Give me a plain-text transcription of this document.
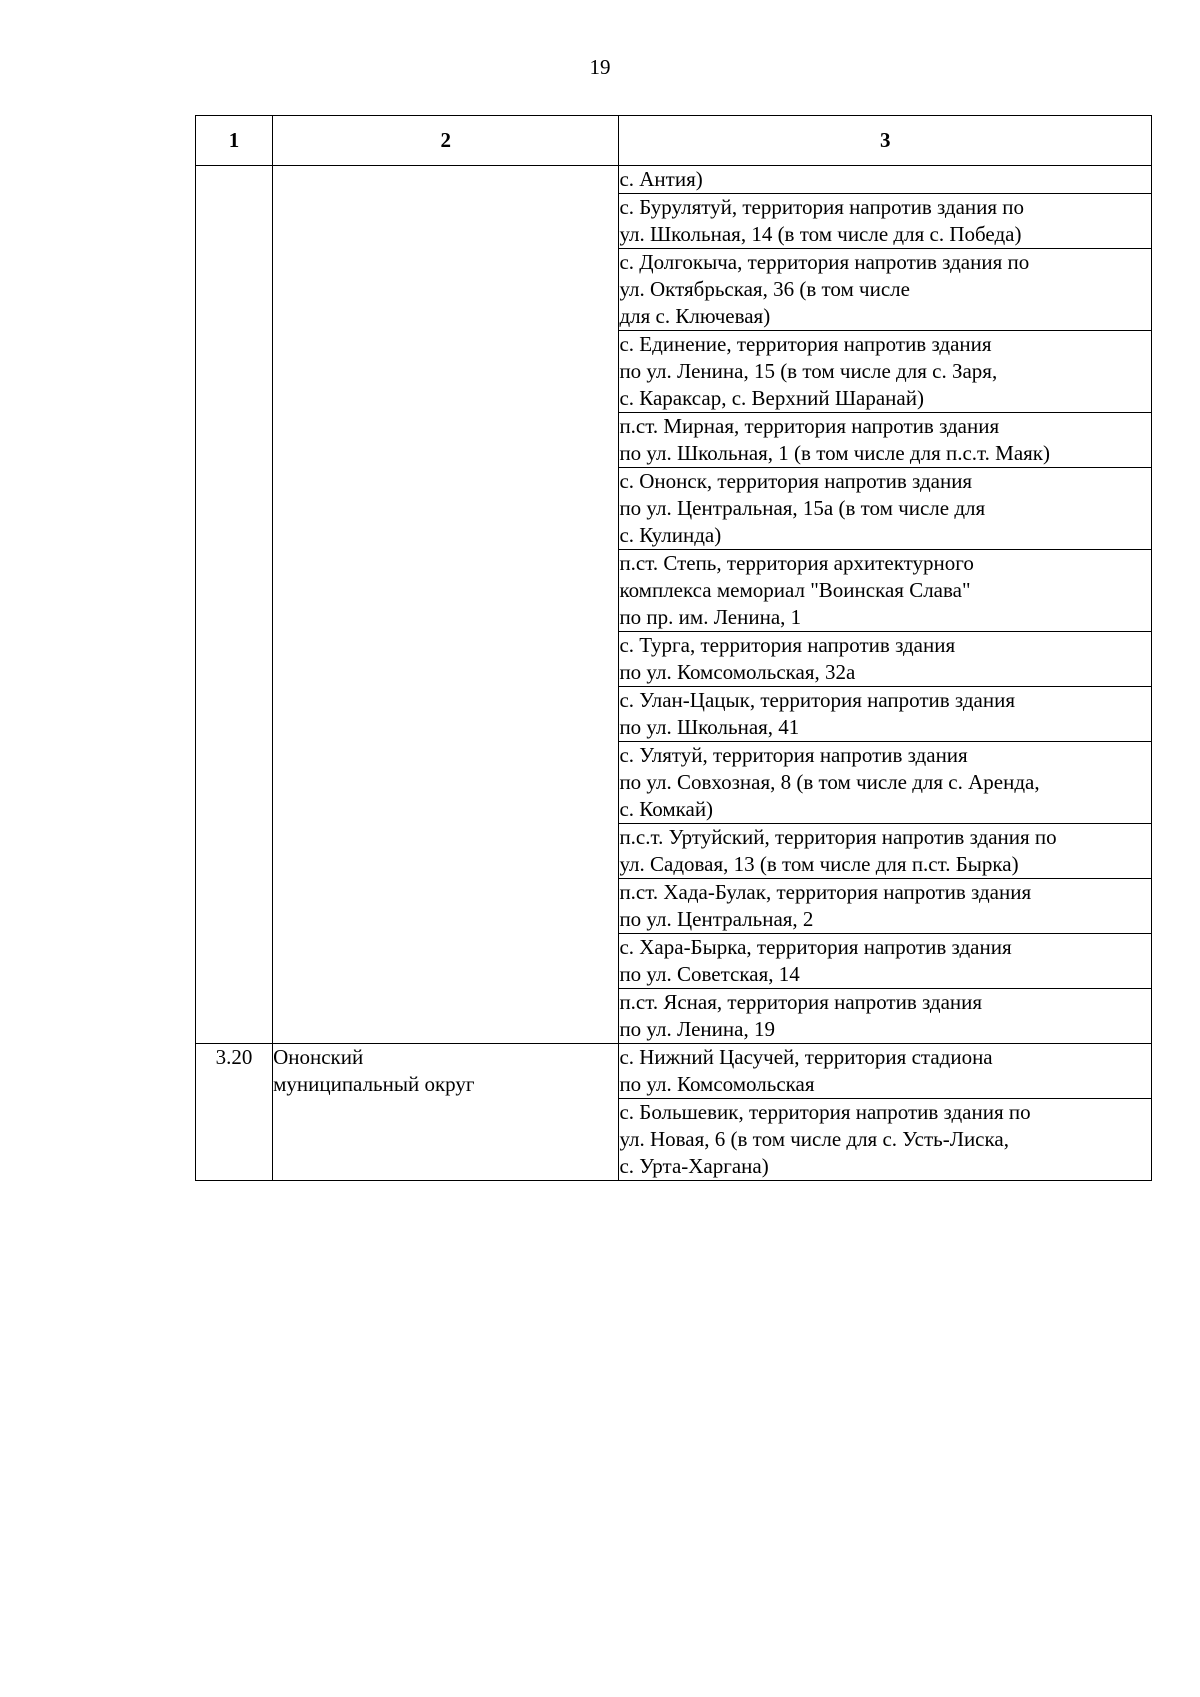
19
1	2	3

		с. Антия)

		с. Бурулятуй, территория напротив здания по
ул. Школьная, 14 (в том числе для с. Победа)

		с. Долгокыча, территория напротив здания по
ул. Октябрьская, 36 (в том числе
для с. Ключевая)

		с. Единение, территория напротив здания
по ул. Ленина, 15 (в том числе для с. Заря,
с. Караксар, с. Верхний Шаранай)

		п.ст. Мирная, территория напротив здания
по ул. Школьная, 1 (в том числе для п.с.т. Маяк)

		с. Ононск, территория напротив здания
по ул. Центральная, 15а (в том числе для
с. Кулинда)

		п.ст. Степь, территория архитектурного
комплекса мемориал "Воинская Слава"
по пр. им. Ленина, 1

		с. Турга, территория напротив здания
по ул. Комсомольская, 32а

		с. Улан-Цацык, территория напротив здания
по ул. Школьная, 41

		с. Улятуй, территория напротив здания
по ул. Совхозная, 8 (в том числе для с. Аренда,
с. Комкай)

		п.с.т. Уртуйский, территория напротив здания по
ул. Садовая, 13 (в том числе для п.ст. Бырка)

		п.ст. Хада-Булак, территория напротив здания
по ул. Центральная, 2

		с. Хара-Бырка, территория напротив здания
по ул. Советская, 14

		п.ст. Ясная, территория напротив здания
по ул. Ленина, 19

3.20	Ононский
муниципальный округ	с. Нижний Цасучей, территория стадиона
по ул. Комсомольская

		с. Большевик, территория напротив здания по
ул. Новая, 6 (в том числе для с. Усть-Лиска,
с. Урта-Харгана)
